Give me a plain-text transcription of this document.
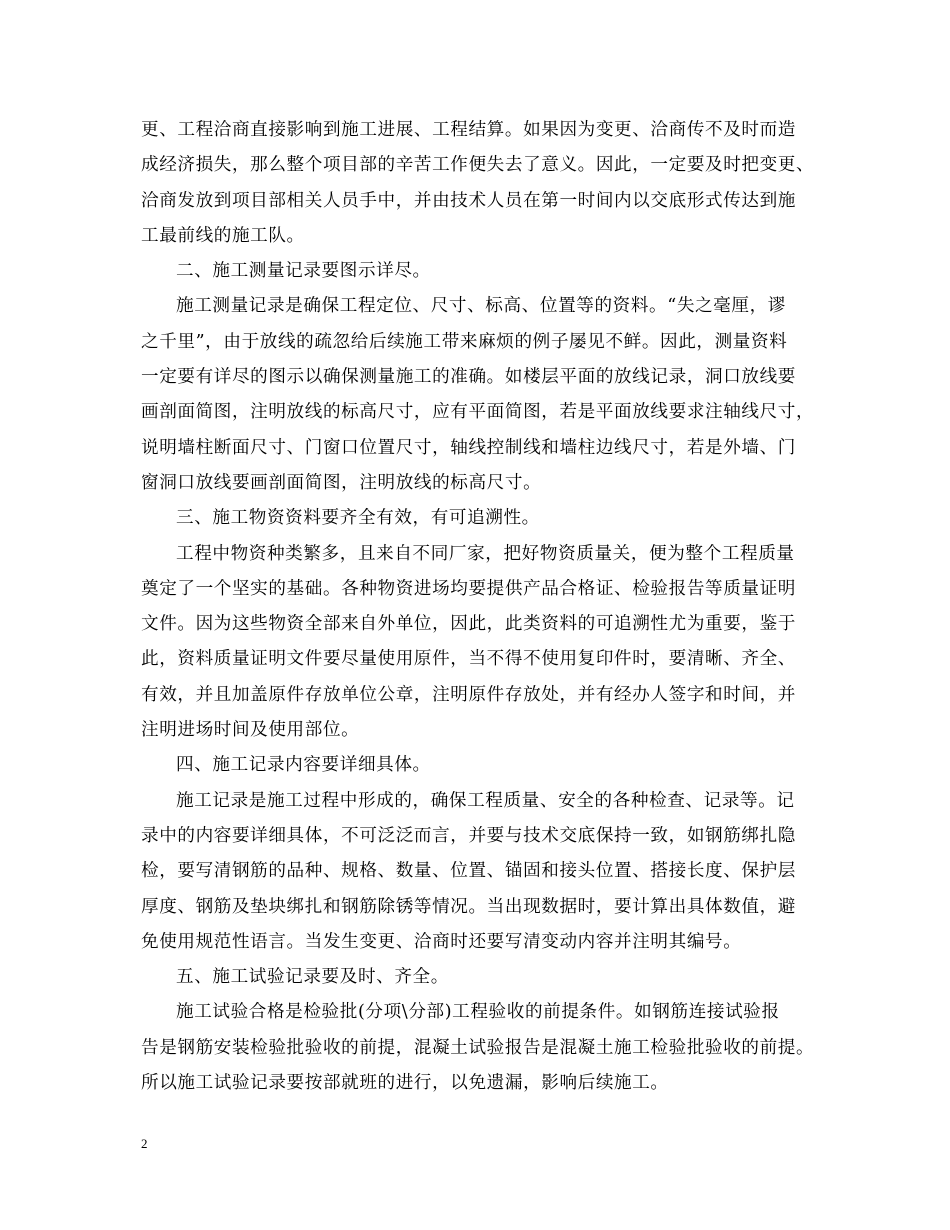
更、工程洽商直接影响到施工进展、工程结算。如果因为变更、洽商传不及时而造
成经济损失，那么整个项目部的辛苦工作便失去了意义。因此，一定要及时把变更、
洽商发放到项目部相关人员手中，并由技术人员在第一时间内以交底形式传达到施
工最前线的施工队。
二、施工测量记录要图示详尽。
施工测量记录是确保工程定位、尺寸、标高、位置等的资料。“失之毫厘，谬
之千里”，由于放线的疏忽给后续施工带来麻烦的例子屡见不鲜。因此，测量资料
一定要有详尽的图示以确保测量施工的准确。如楼层平面的放线记录，洞口放线要
画剖面简图，注明放线的标高尺寸，应有平面简图，若是平面放线要求注轴线尺寸，
说明墙柱断面尺寸、门窗口位置尺寸，轴线控制线和墙柱边线尺寸，若是外墙、门
窗洞口放线要画剖面简图，注明放线的标高尺寸。
三、施工物资资料要齐全有效，有可追溯性。
工程中物资种类繁多，且来自不同厂家，把好物资质量关，便为整个工程质量
奠定了一个坚实的基础。各种物资进场均要提供产品合格证、检验报告等质量证明
文件。因为这些物资全部来自外单位，因此，此类资料的可追溯性尤为重要，鉴于
此，资料质量证明文件要尽量使用原件，当不得不使用复印件时，要清晰、齐全、
有效，并且加盖原件存放单位公章，注明原件存放处，并有经办人签字和时间，并
注明进场时间及使用部位。
四、施工记录内容要详细具体。
施工记录是施工过程中形成的，确保工程质量、安全的各种检查、记录等。记
录中的内容要详细具体，不可泛泛而言，并要与技术交底保持一致，如钢筋绑扎隐
检，要写清钢筋的品种、规格、数量、位置、锚固和接头位置、搭接长度、保护层
厚度、钢筋及垫块绑扎和钢筋除锈等情况。当出现数据时，要计算出具体数值，避
免使用规范性语言。当发生变更、洽商时还要写清变动内容并注明其编号。
五、施工试验记录要及时、齐全。
施工试验合格是检验批(分项\分部)工程验收的前提条件。如钢筋连接试验报
告是钢筋安装检验批验收的前提，混凝土试验报告是混凝土施工检验批验收的前提。
所以施工试验记录要按部就班的进行，以免遗漏，影响后续施工。
2
